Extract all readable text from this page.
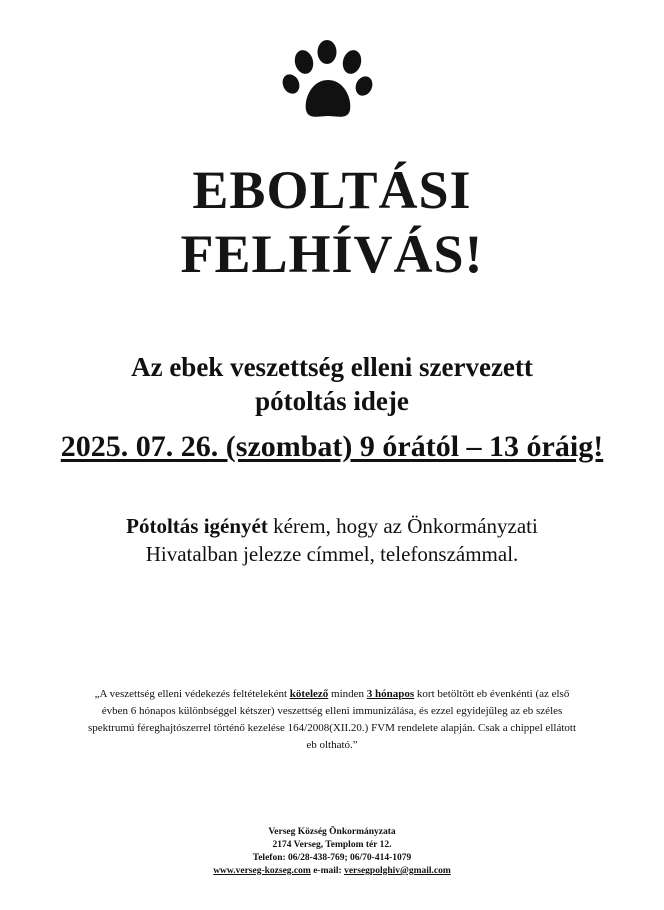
EBOLTÁSI
FELHÍVÁS!
Az ebek veszettség elleni szervezett
pótoltás ideje
2025. 07. 26. (szombat) 9 órától – 13 óráig!
Pótoltás igényét kérem, hogy az Önkormányzati
Hivatalban jelezze címmel, telefonszámmal.
„A veszettség elleni védekezés feltételeként kötelező minden 3 hónapos kort betöltött eb évenkénti (az első évben 6 hónapos különbséggel kétszer) veszettség elleni immunizálása, és ezzel egyidejűleg az eb széles spektrumú féreghajtószerrel történő kezelése 164/2008(XII.20.) FVM rendelete alapján. Csak a chippel ellátott eb oltható.”
Verseg Község Önkormányzata
2174 Verseg, Templom tér 12.
Telefon: 06/28-438-769; 06/70-414-1079
www.verseg-kozseg.com e-mail: versegpolghiv@gmail.com
